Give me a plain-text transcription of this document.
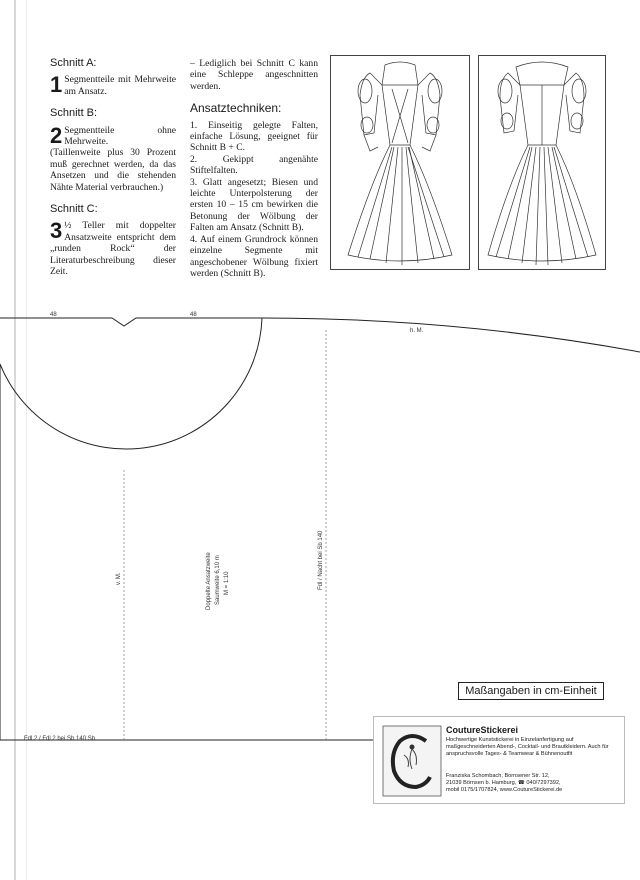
Schnitt A:

1 Segmentteile mit Mehrweite am Ansatz.

Schnitt B:

2 Segmentteile ohne Mehrweite.

(Taillenweite plus 30 Prozent muß gerechnet werden, da das Ansetzen und die stehenden Nähte Material verbrauchen.)

Schnitt C:

3 ½ Teller mit doppelter Ansatzweite entspricht dem „runden Rock“ der Literaturbeschreibung dieser Zeit.

– Lediglich bei Schnitt C kann eine Schleppe angeschnitten werden.

Ansatztechniken:

1. Einseitig gelegte Falten, einfache Lösung, geeignet für Schnitt B + C.

2. Gekippt angenähte Stiftelfalten.

3. Glatt angesetzt; Biesen und leichte Unterpolsterung der ersten 10 – 15 cm bewirken die Betonung der Wölbung der Falten am Ansatz (Schnitt B).

4. Auf einem Grundrock können einzelne Segmente mit angeschobener Wölbung fixiert werden (Schnitt B).

48	48
h. M.
v. M.	Doppelte Ansatzweite Saumweite 6,10 m M = 1:10	Fdl / Nacht bei Sb 140
Fdl 2 / Fdl 2 bei Sb 140 Sb
Maßangaben in cm-Einheit
CoutureStickerei
Hochwertige Kunststickerei in Einzelanfertigung auf maßgeschneiderten Abend-, Cocktail- und Brautkleidern. Auch für anspruchsvolle Tages- & Teamwear & Bühnenoutfit
Franziska Schombach, Bornsener Str. 12,
21039 Börnsen b. Hamburg, ☎ 040/7297392,
mobil 0175/1707824, www.CoutureStickerei.de
